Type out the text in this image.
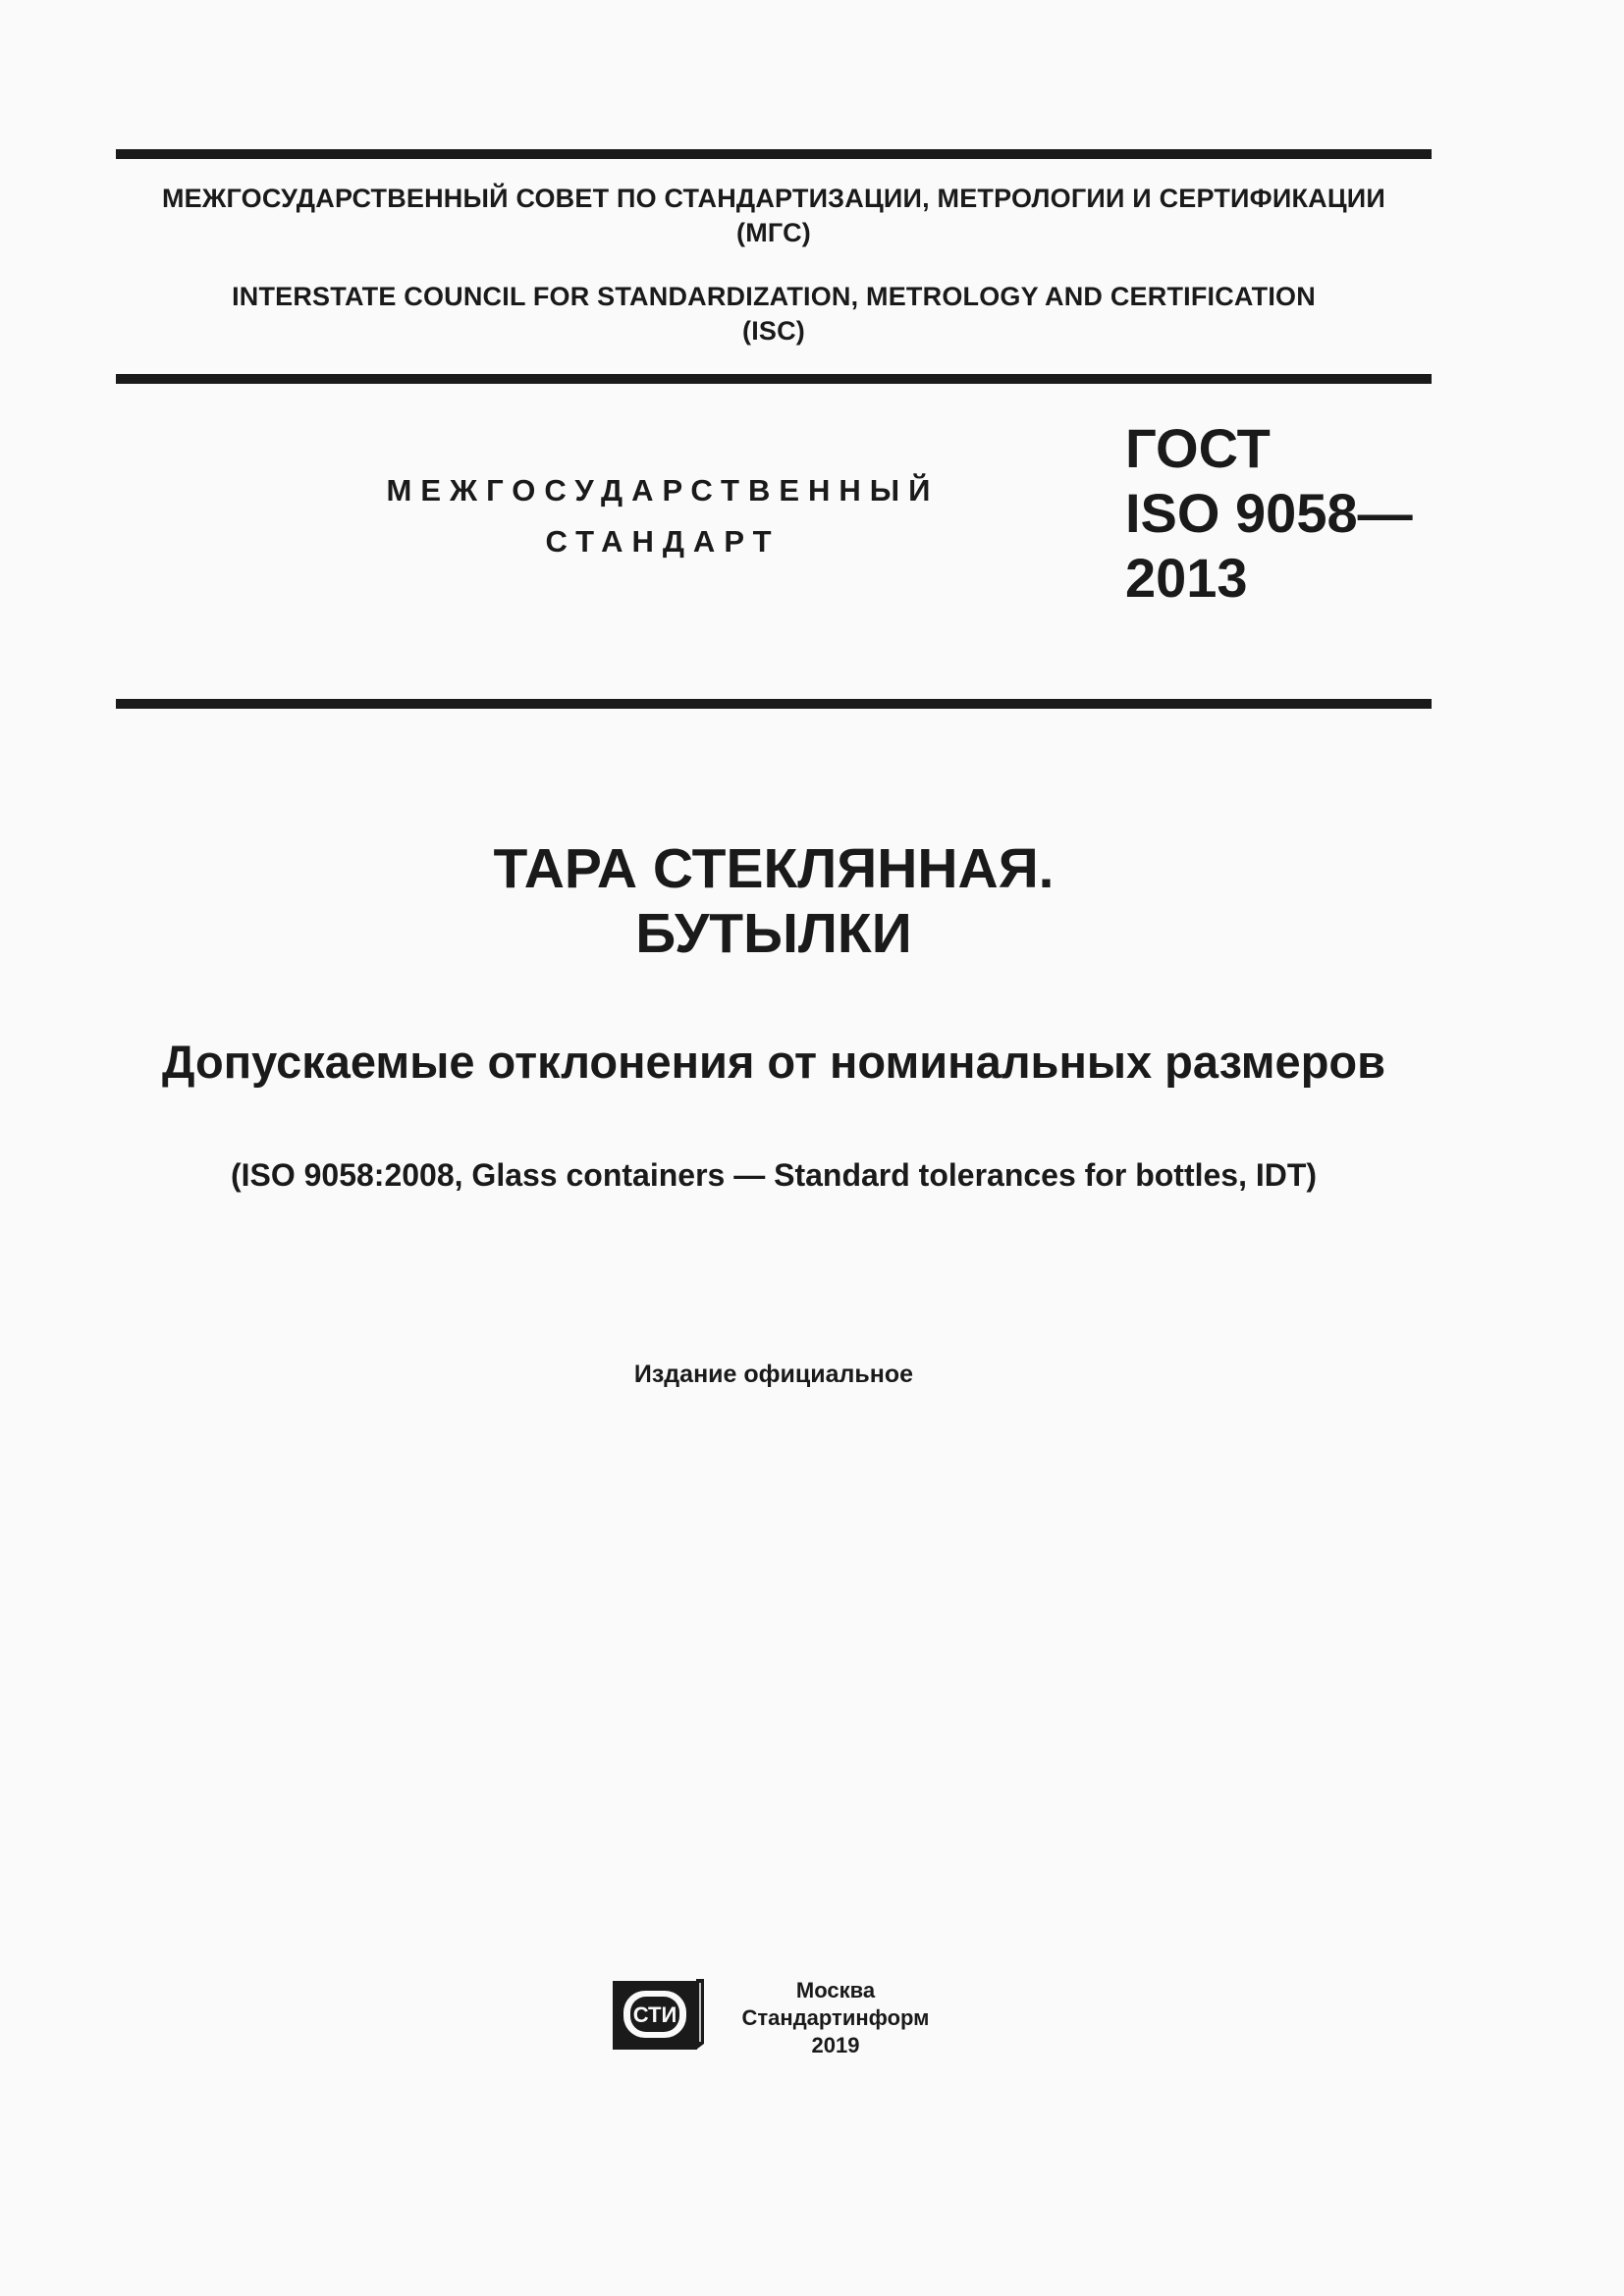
МЕЖГОСУДАРСТВЕННЫЙ СОВЕТ ПО СТАНДАРТИЗАЦИИ, МЕТРОЛОГИИ И СЕРТИФИКАЦИИ
(МГС)
INTERSTATE COUNCIL FOR STANDARDIZATION, METROLOGY AND CERTIFICATION
(ISC)
МЕЖГОСУДАРСТВЕННЫЙ
СТАНДАРТ
ГОСТ
ISO 9058—
2013
ТАРА СТЕКЛЯННАЯ.
БУТЫЛКИ
Допускаемые отклонения от номинальных размеров
(ISO 9058:2008, Glass containers — Standard tolerances for bottles, IDT)
Издание официальное
СТИ
Москва
Стандартинформ
2019
